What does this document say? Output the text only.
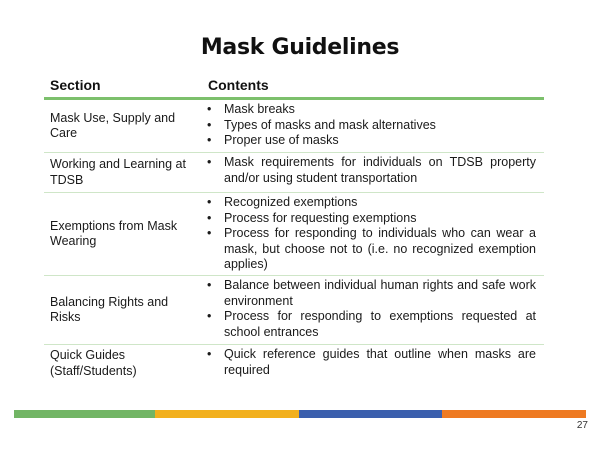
Mask Guidelines
Section	Contents
Mask Use, Supply and Care
• Mask breaks
• Types of masks and mask alternatives
• Proper use of masks
Working and Learning at TDSB
• Mask requirements for individuals on TDSB property and/or using student transportation
Exemptions from Mask Wearing
• Recognized exemptions
• Process for requesting exemptions
• Process for responding to individuals who can wear a mask, but choose not to (i.e. no recognized exemption applies)
Balancing Rights and Risks
• Balance between individual human rights and safe work environment
• Process for responding to exemptions requested at school entrances
Quick Guides (Staff/Students)
• Quick reference guides that outline when masks are required
27
